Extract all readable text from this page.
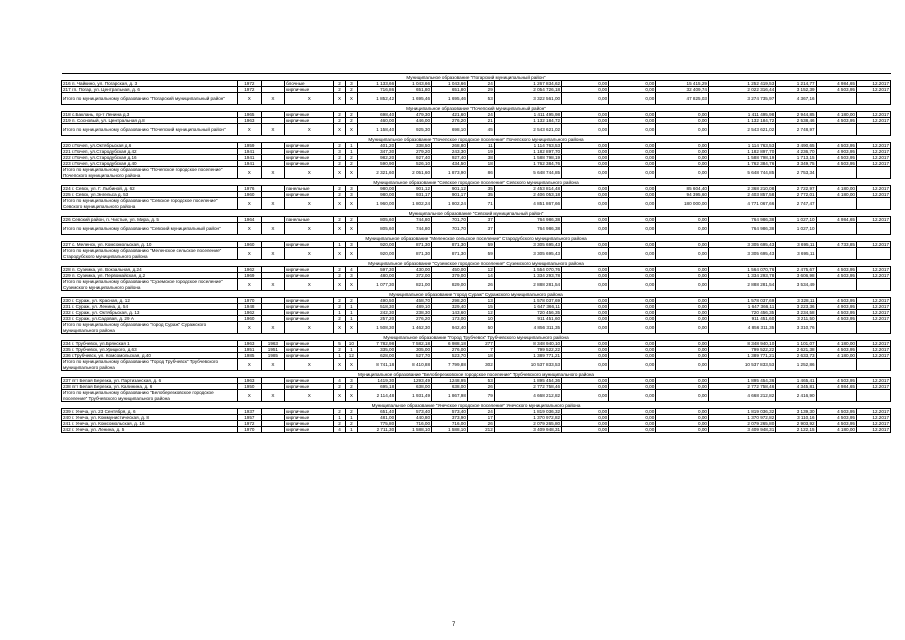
Муниципальное образование "Погарский муниципальный район"																	
216 п. Чайкино, ул. Погарская, д. 3	1972		блочные	2	3	1 133,66	1 043,66	1 043,66	24	1 267 834,62	0,00	0,00	15 415,29	1 252 419,53	1 214,77	4 984,65	12.2017
217 гп. Погар, ул. Центральная, д. 6	1972		кирпичные	2	2	716,86	651,80	651,80	29	2 054 726,18	0,00	0,00	32 409,74	2 022 316,44	3 152,39	4 503,95	12.2017
Итого по муниципальному образованию "Погарский муниципальный район"	X	X	X	X	X	1 852,42	1 695,46	1 695,46	53	3 322 561,00	0,00	0,00	47 825,03	3 274 735,97	4 367,16		
Муниципальное образование "Почепский муниципальный район"																	
218 с.Баклань, пр-т Ленина д.3	1965		кирпичные	2	2	698,40	479,30	421,60	24	1 411 495,98	0,00	0,00	0,00	1 411 495,98	2 944,85	4 180,00	12.2017
219 п. Сосновый, ул. Центральная д.8	1963		кирпичные	2	2	460,00	446,00	276,20	21	1 132 184,72	0,00	0,00	0,00	1 132 184,72	2 538,46	4 503,95	12.2017
Итого по муниципальному образованию "Почепский муниципальный район"	X	X	X	X	X	1 158,40	925,30	698,10	45	2 543 621,02	0,00	0,00	0,00	2 543 621,02	2 748,97		
Муниципальное образование "Почепское городское поселение" Почепского муниципального района																	
220 г.Почеп, ул.Октябрьская д.6	1959		кирпичные	2	1	401,20	338,50	268,80	11	1 114 763,53	0,00	0,00	0,00	1 114 763,53	3 490,65	4 503,95	12.2017
221 г.Почеп, ул.Стародубская д.42	1941		кирпичные	3	1	347,30	279,20	243,30	19	1 182 897,70	0,00	0,00	0,00	1 182 897,70	4 236,70	4 903,95	12.2017
222 г.Почеп, ул.Стародубская д.16	1941		кирпичные	2	2	982,20	927,40	927,40	38	1 588 798,19	0,00	0,00	0,00	1 588 798,19	1 713,15	4 503,95	12.2017
223 г.Почеп, ул.Стародубская д.40	1941		кирпичные	2	2	590,90	526,10	434,50	18	1 762 384,76	0,00	0,00	0,00	1 762 384,76	3 349,75	4 503,95	12.2017
Итого по муниципальному образованию "Почепское городское поселение" Почепского муниципального района	X	X	X	X	X	2 321,60	2 051,60	1 873,90	86	5 648 744,85	0,00	0,00	0,00	5 648 744,85	2 753,34		
Муниципальное образование "Севское городское поселение" Севского муниципального района																	
224 г. Севск, ул. Г. Лыбиной, д. 62	1976		панельные	2	3	980,00	901,12	901,12	35	2 453 814,48	0,00	0,00	85 604,40	2 368 210,08	2 722,97	4 180,00	12.2017
225 г. Севск, ул.Энгельса д. 53	1960		кирпичные	2	3	980,00	931,17	901,17	35	2 406 053,18	0,00	0,00	94 395,60	2 403 857,58	2 772,01	4 180,00	12.2017
Итого по муниципальному образованию "Севское городское поселение" Севского муниципального района	X	X	X	X	X	1 960,00	1 802,24	1 802,24	71	4 851 867,66	0,00	0,00	180 000,00	4 771 067,66	2 747,47		
Муниципальное образование "Севский муниципальный район"																	
226 Севский район, п. Чистые, ул. Мира, д. 5	1964		панельные	2	2	805,60	744,80	701,70	37	764 986,38	0,00	0,00	0,00	764 986,38	1 027,10	4 984,65	12.2017
Итого по муниципальному образованию "Севский муниципальный район"	X	X	X	X	X	805,60	744,80	701,70	37	764 986,38	0,00	0,00	0,00	764 986,38	1 027,10		
Муниципальное образование "Меленское сельское поселение" Стародубского муниципального района																	
227 с. Меленск, ул. Комсомольская, д. 10	1960		кирпичные	1	3	920,00	871,30	871,30	59	3 305 695,43	0,00	0,00	0,00	3 305 695,43	3 695,11	4 733,85	12.2017
Итого по муниципальному образованию "Меленское сельское поселение" Стародубского муниципального района	X	X	X	X	X	920,00	871,30	871,30	59	3 305 695,43	0,00	0,00	0,00	3 305 695,43	3 695,11		
Муниципальное образование "Суземское городское поселение" Суземского муниципального района																	
228 п. Суземка, ул. Вокзальная, д.24	1962		кирпичные	2	4	597,30	430,00	450,00	12	1 554 070,76	0,00	0,00	0,00	1 564 070,76	2 475,67	4 503,95	12.2017
229 п. Суземка, ул. Первомайская, д.2	1969		кирпичные	2	3	480,00	372,00	379,00	14	1 334 293,78	0,00	0,00	0,00	1 334 293,78	3 606,98	4 503,95	12.2017
Итого по муниципальному образованию "Суземское городское поселение" Суземского муниципального района	X	X	X	X	X	1 077,30	821,00	829,00	26	2 888 281,54	0,00	0,00	0,00	2 888 281,54	3 534,49		
Муниципальное образование "город Сураж" Суражского муниципального района																	
230 г. Сураж, ул. Красная, д. 12	1970		кирпичные	2	2	490,50	458,70	298,20	13	1 578 037,69	0,00	0,00	0,00	1 578 037,69	3 328,11	4 503,95	12.2017
231 г. Сураж, ул. Ленина, д. 54	1948		кирпичные	2	1	518,30	489,10	329,40	15	1 647 366,11	0,00	0,00	0,00	1 647 366,11	3 223,36	4 903,95	12.2017
232 г. Сураж, ул. Октябрьская, д. 13	1962		кирпичные	1	1	242,30	238,30	143,60	12	720 456,35	0,00	0,00	0,00	720 456,35	3 234,58	4 503,95	12.2017
233 г. Сураж, ул.Садовая, д. 29 А	1960		кирпичные	2	1	257,20	276,20	173,00	10	911 451,60	0,00	0,00	0,00	911 451,60	3 211,50	4 503,95	12.2017
Итого по муниципальному образованию "город Сураж" Суражского муниципального района	X	X	X	X	X	1 508,30	1 462,30	942,40	50	4 856 311,35	0,00	0,00	0,00	4 856 311,35	3 310,76		
Муниципальное образование "Город Трубчевск" Трубчевского муниципального района																	
234 г. Трубчевск, ул.Брянская 1	1963	1963	кирпичные	5	10	7 782,98	7 582,18	6 988,18	277	8 348 940,10	0,00	0,00	0,00	8 348 940,10	1 101,07	4 180,00	12.2017
235 г. Трубчевск, ул.Урицкого, д.63	1951	1951	кирпичные	2	1	335,00	305,00	276,00	7	799 522,22	0,00	0,00	0,00	799 522,22	2 621,38	4 503,95	12.2017
236 г.Трубчевск, ул. Комсомольская, д.40	1985	1985	кирпичные	1	12	628,00	527,70	523,70	18	1 389 771,21	0,00	0,00	0,00	1 389 771,21	2 633,73	4 180,00	12.2017
Итого по муниципальному образованию "Город Трубчевск" Трубчевского муниципального района	X	X	X	X	X	8 741,18	8 410,88	7 799,88	302	10 537 833,53	0,00	0,00	0,00	10 537 833,53	1 252,86		
Муниципальное образование "Белоберезковское городское поселение" Трубчевского муниципального района																	
237 пгт Белая Березка, ул. Партизанская, д. 6	1963		кирпичные	4	3	1419,30	1293,49	1248,95	53	1 895 454,36	0,00	0,00	0,00	1 895 454,36	1 465,41	4 503,95	12.2017
238 пгт Белая Березка, ул. Калинина, д. 6	1950		кирпичные	2	2	695,18	638,00	638,00	26	2 772 758,46	0,00	0,00	0,00	2 772 758,46	4 345,81	4 984,65	12.2017
Итого по муниципальному образованию "Белоберезковское городское поселение" Трубчевского муниципального района	X	X	X	X	X	2 114,48	1 931,49	1 867,98	79	4 668 212,82	0,00	0,00	0,00	4 668 212,82	2 416,90		
Муниципальное образование "Унечское городское поселение" Унечского муниципального района																	
239 г. Унеча, ул. 23 Сентября, д. 6	1937		кирпичные	2	2	651,40	573,40	573,40	24	1 819 036,32	0,00	0,00	0,00	1 819 036,32	3 139,30	4 503,95	12.2017
240 г. Унеча, ул. Коммунистическая, д. 8	1957		кирпичные	1	1	481,00	440,80	373,90	17	1 370 972,82	0,00	0,00	0,00	1 370 972,82	3 110,16	4 503,95	12.2017
241 г. Унеча, ул. Комсомольская, д. 16	1972		кирпичные	2	2	775,80	716,00	716,00	26	2 079 265,80	0,00	0,00	0,00	2 079 265,80	2 903,92	4 503,95	12.2017
242 г. Унеча, ул. Ленина, д. 5	1970		кирпичные	4	1	2 711,30	1 588,10	1 588,10	212	3 409 948,31	0,00	0,00	0,00	3 409 948,31	2 122,15	4 180,00	12.2017
7
